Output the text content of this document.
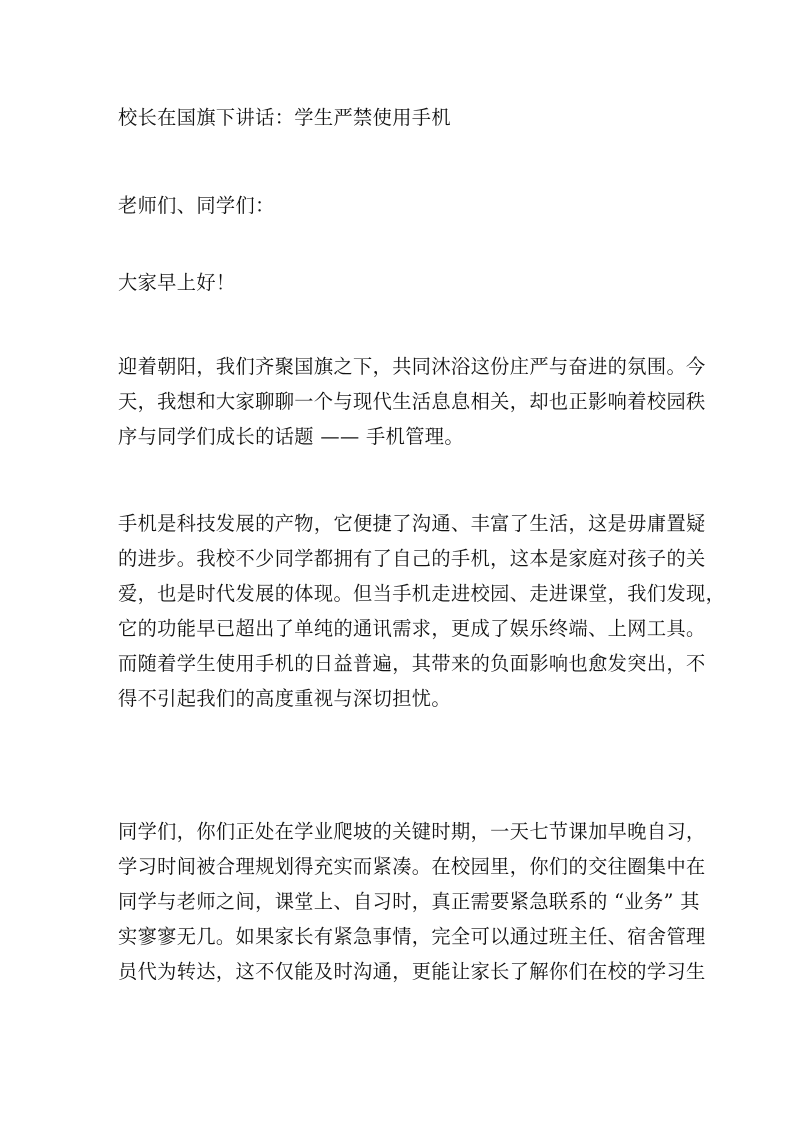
校长在国旗下讲话：学生严禁使用手机
老师们、同学们：
大家早上好！
迎着朝阳，我们齐聚国旗之下，共同沐浴这份庄严与奋进的氛围。今
天，我想和大家聊聊一个与现代生活息息相关，却也正影响着校园秩
序与同学们成长的话题 —— 手机管理。
手机是科技发展的产物，它便捷了沟通、丰富了生活，这是毋庸置疑
的进步。我校不少同学都拥有了自己的手机，这本是家庭对孩子的关
爱，也是时代发展的体现。但当手机走进校园、走进课堂，我们发现，
它的功能早已超出了单纯的通讯需求，更成了娱乐终端、上网工具。
而随着学生使用手机的日益普遍，其带来的负面影响也愈发突出，不
得不引起我们的高度重视与深切担忧。
同学们，你们正处在学业爬坡的关键时期，一天七节课加早晚自习，
学习时间被合理规划得充实而紧凑。在校园里，你们的交往圈集中在
同学与老师之间，课堂上、自习时，真正需要紧急联系的 “业务” 其
实寥寥无几。如果家长有紧急事情，完全可以通过班主任、宿舍管理
员代为转达，这不仅能及时沟通，更能让家长了解你们在校的学习生
